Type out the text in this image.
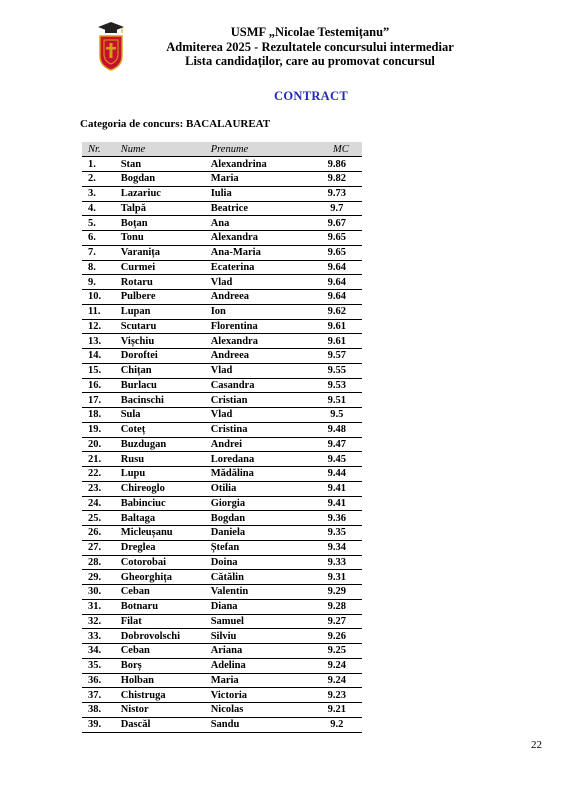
USMF „Nicolae Testemițanu”
Admiterea 2025 - Rezultatele concursului intermediar
Lista candidaților, care au promovat concursul
CONTRACT
Categoria de concurs: BACALAUREAT
Nr.	Nume	Prenume	MC
1.	Stan	Alexandrina	9.86
2.	Bogdan	Maria	9.82
3.	Lazariuc	Iulia	9.73
4.	Talpă	Beatrice	9.7
5.	Boțan	Ana	9.67
6.	Tonu	Alexandra	9.65
7.	Varanița	Ana-Maria	9.65
8.	Curmei	Ecaterina	9.64
9.	Rotaru	Vlad	9.64
10.	Pulbere	Andreea	9.64
11.	Lupan	Ion	9.62
12.	Scutaru	Florentina	9.61
13.	Vișchiu	Alexandra	9.61
14.	Doroftei	Andreea	9.57
15.	Chițan	Vlad	9.55
16.	Burlacu	Casandra	9.53
17.	Bacinschi	Cristian	9.51
18.	Sula	Vlad	9.5
19.	Coteț	Cristina	9.48
20.	Buzdugan	Andrei	9.47
21.	Rusu	Loredana	9.45
22.	Lupu	Mădălina	9.44
23.	Chireoglo	Otilia	9.41
24.	Babinciuc	Giorgia	9.41
25.	Baltaga	Bogdan	9.36
26.	Micleușanu	Daniela	9.35
27.	Dreglea	Ștefan	9.34
28.	Cotorobai	Doina	9.33
29.	Gheorghița	Cătălin	9.31
30.	Ceban	Valentin	9.29
31.	Botnaru	Diana	9.28
32.	Filat	Samuel	9.27
33.	Dobrovolschi	Silviu	9.26
34.	Ceban	Ariana	9.25
35.	Borș	Adelina	9.24
36.	Holban	Maria	9.24
37.	Chistruga	Victoria	9.23
38.	Nistor	Nicolas	9.21
39.	Dascăl	Sandu	9.2
22
